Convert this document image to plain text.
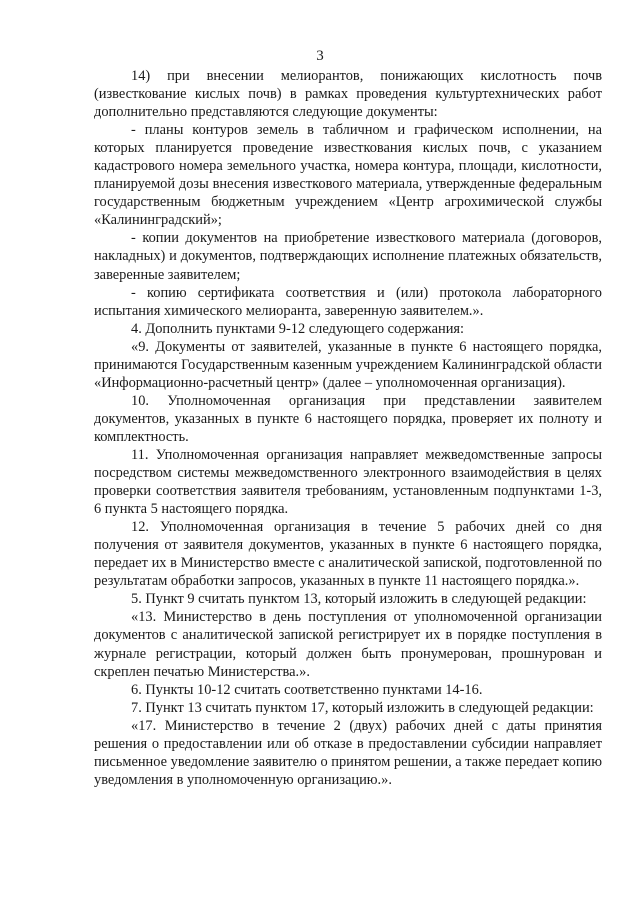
3

14) при внесении мелиорантов, понижающих кислотность почв (известкование кислых почв) в рамках проведения культуртехнических работ дополнительно представляются следующие документы:

- планы контуров земель в табличном и графическом исполнении, на которых планируется проведение известкования кислых почв, с указанием кадастрового номера земельного участка, номера контура, площади, кислотности, планируемой дозы внесения известкового материала, утвержденные федеральным государственным бюджетным учреждением «Центр агрохимической службы «Калининградский»;

- копии документов на приобретение известкового материала (договоров, накладных) и документов, подтверждающих исполнение платежных обязательств, заверенные заявителем;

- копию сертификата соответствия и (или) протокола лабораторного испытания химического мелиоранта, заверенную заявителем.».

4. Дополнить пунктами 9-12 следующего содержания:

«9. Документы от заявителей, указанные в пункте 6 настоящего порядка, принимаются Государственным казенным учреждением Калининградской области «Информационно-расчетный центр» (далее – уполномоченная организация).

10. Уполномоченная организация при представлении заявителем документов, указанных в пункте 6 настоящего порядка, проверяет их полноту и комплектность.

11. Уполномоченная организация направляет межведомственные запросы посредством системы межведомственного электронного взаимодействия в целях проверки соответствия заявителя требованиям, установленным подпунктами 1-3, 6 пункта 5 настоящего порядка.

12. Уполномоченная организация в течение 5 рабочих дней со дня получения от заявителя документов, указанных в пункте 6 настоящего порядка, передает их в Министерство вместе с аналитической запиской, подготовленной по результатам обработки запросов, указанных в пункте 11 настоящего порядка.».

5. Пункт 9 считать пунктом 13, который изложить в следующей редакции:

«13. Министерство в день поступления от уполномоченной организации документов с аналитической запиской регистрирует их в порядке поступления в журнале регистрации, который должен быть пронумерован, прошнурован и скреплен печатью Министерства.».

6. Пункты 10-12 считать соответственно пунктами 14-16.

7. Пункт 13 считать пунктом 17, который изложить в следующей редакции:

«17. Министерство в течение 2 (двух) рабочих дней с даты принятия решения о предоставлении или об отказе в предоставлении субсидии направляет письменное уведомление заявителю о принятом решении, а также передает копию уведомления в уполномоченную организацию.».
